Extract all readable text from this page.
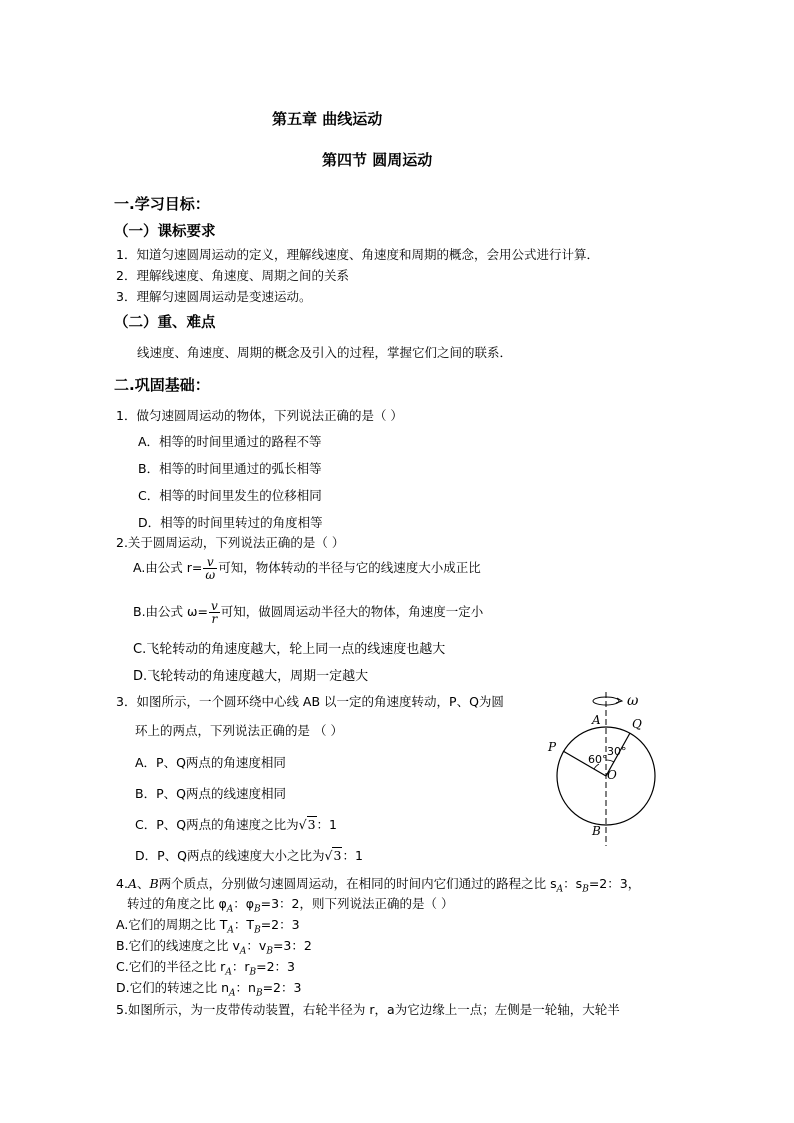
第五章 曲线运动
第四节 圆周运动
一.学习目标：
（一）课标要求
1．知道匀速圆周运动的定义，理解线速度、角速度和周期的概念，会用公式进行计算．
2．理解线速度、角速度、周期之间的关系
3．理解匀速圆周运动是变速运动。
（二）重、难点
线速度、角速度、周期的概念及引入的过程，掌握它们之间的联系．
二.巩固基础：
1．做匀速圆周运动的物体，下列说法正确的是（ ）
A．相等的时间里通过的路程不等
B．相等的时间里通过的弧长相等
C．相等的时间里发生的位移相同
D．相等的时间里转过的角度相等
2.关于圆周运动，下列说法正确的是（ ）
A.由公式 $r= \frac{v}{\omega}$ 可知，物体转动的半径与它的线速度大小成正比
B.由公式 $\omega= \frac{v}{r}$ 可知，做圆周运动半径大的物体，角速度一定小
C.飞轮转动的角速度越大，轮上同一点的线速度也越大
D.飞轮转动的角速度越大，周期一定越大
3．如图所示，一个圆环绕中心线 AB 以一定的角速度转动，P、Q为圆
环上的两点，下列说法正确的是 （ ）
A．P、Q两点的角速度相同
B．P、Q两点的线速度相同
C．P、Q两点的角速度之比为√3：1
D．P、Q两点的线速度大小之比为√3：1
ω
A	Q
P
O
B
60°
30°
4.A、B两个质点，分别做匀速圆周运动，在相同的时间内它们通过的路程之比 $s_A$：$s_B=2$：3，
转过的角度之比 $\varphi_A$：$\varphi_B=3$：2，则下列说法正确的是（ ）
A.它们的周期之比 $T_A$：$T_B=2$：3
B.它们的线速度之比 $v_A$：$v_B=3$：2
C.它们的半径之比 $r_A$：$r_B=2$：3
D.它们的转速之比 $n_A$：$n_B=2$：3
5.如图所示，为一皮带传动装置，右轮半径为 r，a为它边缘上一点；左侧是一轮轴，大轮半
